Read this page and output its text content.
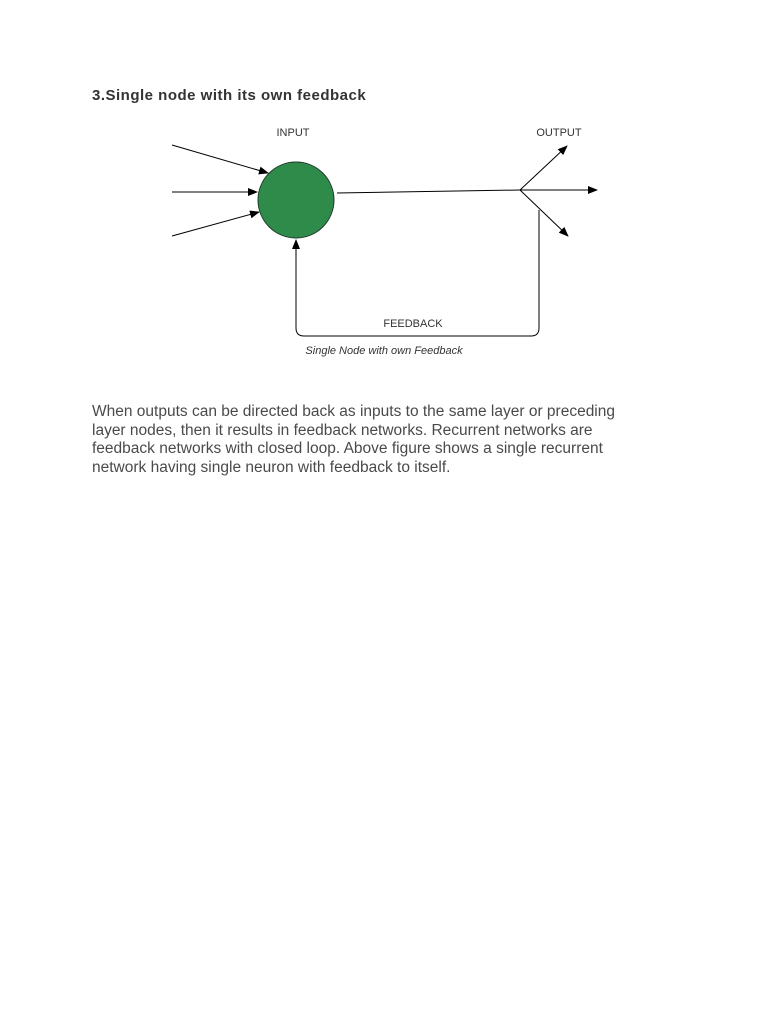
3.Single node with its own feedback
INPUT	OUTPUT
FEEDBACK
Single Node with own Feedback

When outputs can be directed back as inputs to the same layer or preceding
layer nodes, then it results in feedback networks. Recurrent networks are
feedback networks with closed loop. Above figure shows a single recurrent
network having single neuron with feedback to itself.
